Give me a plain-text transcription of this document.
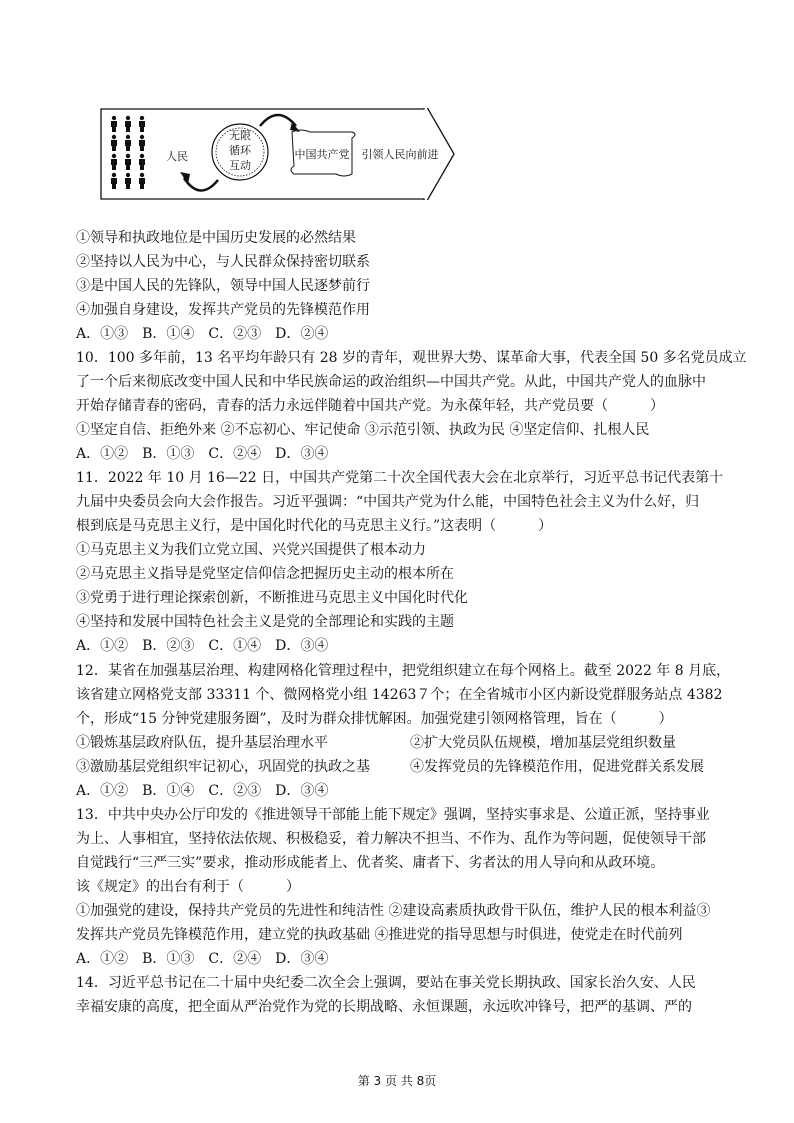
人民
无限
循环
互动
中国共产党 引领人民向前进
①领导和执政地位是中国历史发展的必然结果
②坚持以人民为中心，与人民群众保持密切联系
③是中国人民的先锋队，领导中国人民逐梦前行
④加强自身建设，发挥共产党员的先锋模范作用
A．①③　B．①④　C．②③　D．②④
10．100 多年前，13 名平均年龄只有 28 岁的青年，观世界大势、谋革命大事，代表全国 50 多名党员成立
了一个后来彻底改变中国人民和中华民族命运的政治组织—中国共产党。从此，中国共产党人的血脉中
开始存储青春的密码，青春的活力永远伴随着中国共产党。为永葆年轻，共产党员要（　　　）
①坚定自信、拒绝外来 ②不忘初心、牢记使命 ③示范引领、执政为民 ④坚定信仰、扎根人民
A．①②　B．①③　C．②④　D．③④
11．2022 年 10 月 16—22 日，中国共产党第二十次全国代表大会在北京举行，习近平总书记代表第十
九届中央委员会向大会作报告。习近平强调：“中国共产党为什么能，中国特色社会主义为什么好，归
根到底是马克思主义行，是中国化时代化的马克思主义行。”这表明（　　　）
①马克思主义为我们立党立国、兴党兴国提供了根本动力
②马克思主义指导是党坚定信仰信念把握历史主动的根本所在
③党勇于进行理论探索创新，不断推进马克思主义中国化时代化
④坚持和发展中国特色社会主义是党的全部理论和实践的主题
A．①②　B．②③　C．①④　D．③④
12．某省在加强基层治理、构建网格化管理过程中，把党组织建立在每个网格上。截至 2022 年 8 月底，
该省建立网格党支部 33311 个、微网格党小组 14263７个；在全省城市小区内新设党群服务站点 4382
个，形成“15 分钟党建服务圈”，及时为群众排忧解困。加强党建引领网格管理，旨在（　　　）
①锻炼基层政府队伍，提升基层治理水平	②扩大党员队伍规模，增加基层党组织数量
③激励基层党组织牢记初心，巩固党的执政之基	④发挥党员的先锋模范作用，促进党群关系发展
A．①②　B．①④　C．②③　D．③④
13．中共中央办公厅印发的《推进领导干部能上能下规定》强调，坚持实事求是、公道正派，坚持事业
为上、人事相宜，坚持依法依规、积极稳妥，着力解决不担当、不作为、乱作为等问题，促使领导干部
自觉践行“三严三实”要求，推动形成能者上、优者奖、庸者下、劣者汰的用人导向和从政环境。
该《规定》的出台有利于（　　　）
①加强党的建设，保持共产党员的先进性和纯洁性 ②建设高素质执政骨干队伍，维护人民的根本利益③
发挥共产党员先锋模范作用，建立党的执政基础 ④推进党的指导思想与时俱进，使党走在时代前列
A．①②　B．①③　C．②④　D．③④
14．习近平总书记在二十届中央纪委二次全会上强调，要站在事关党长期执政、国家长治久安、人民
幸福安康的高度，把全面从严治党作为党的长期战略、永恒课题，永远吹冲锋号，把严的基调、严的
第 3 页 共 8页
